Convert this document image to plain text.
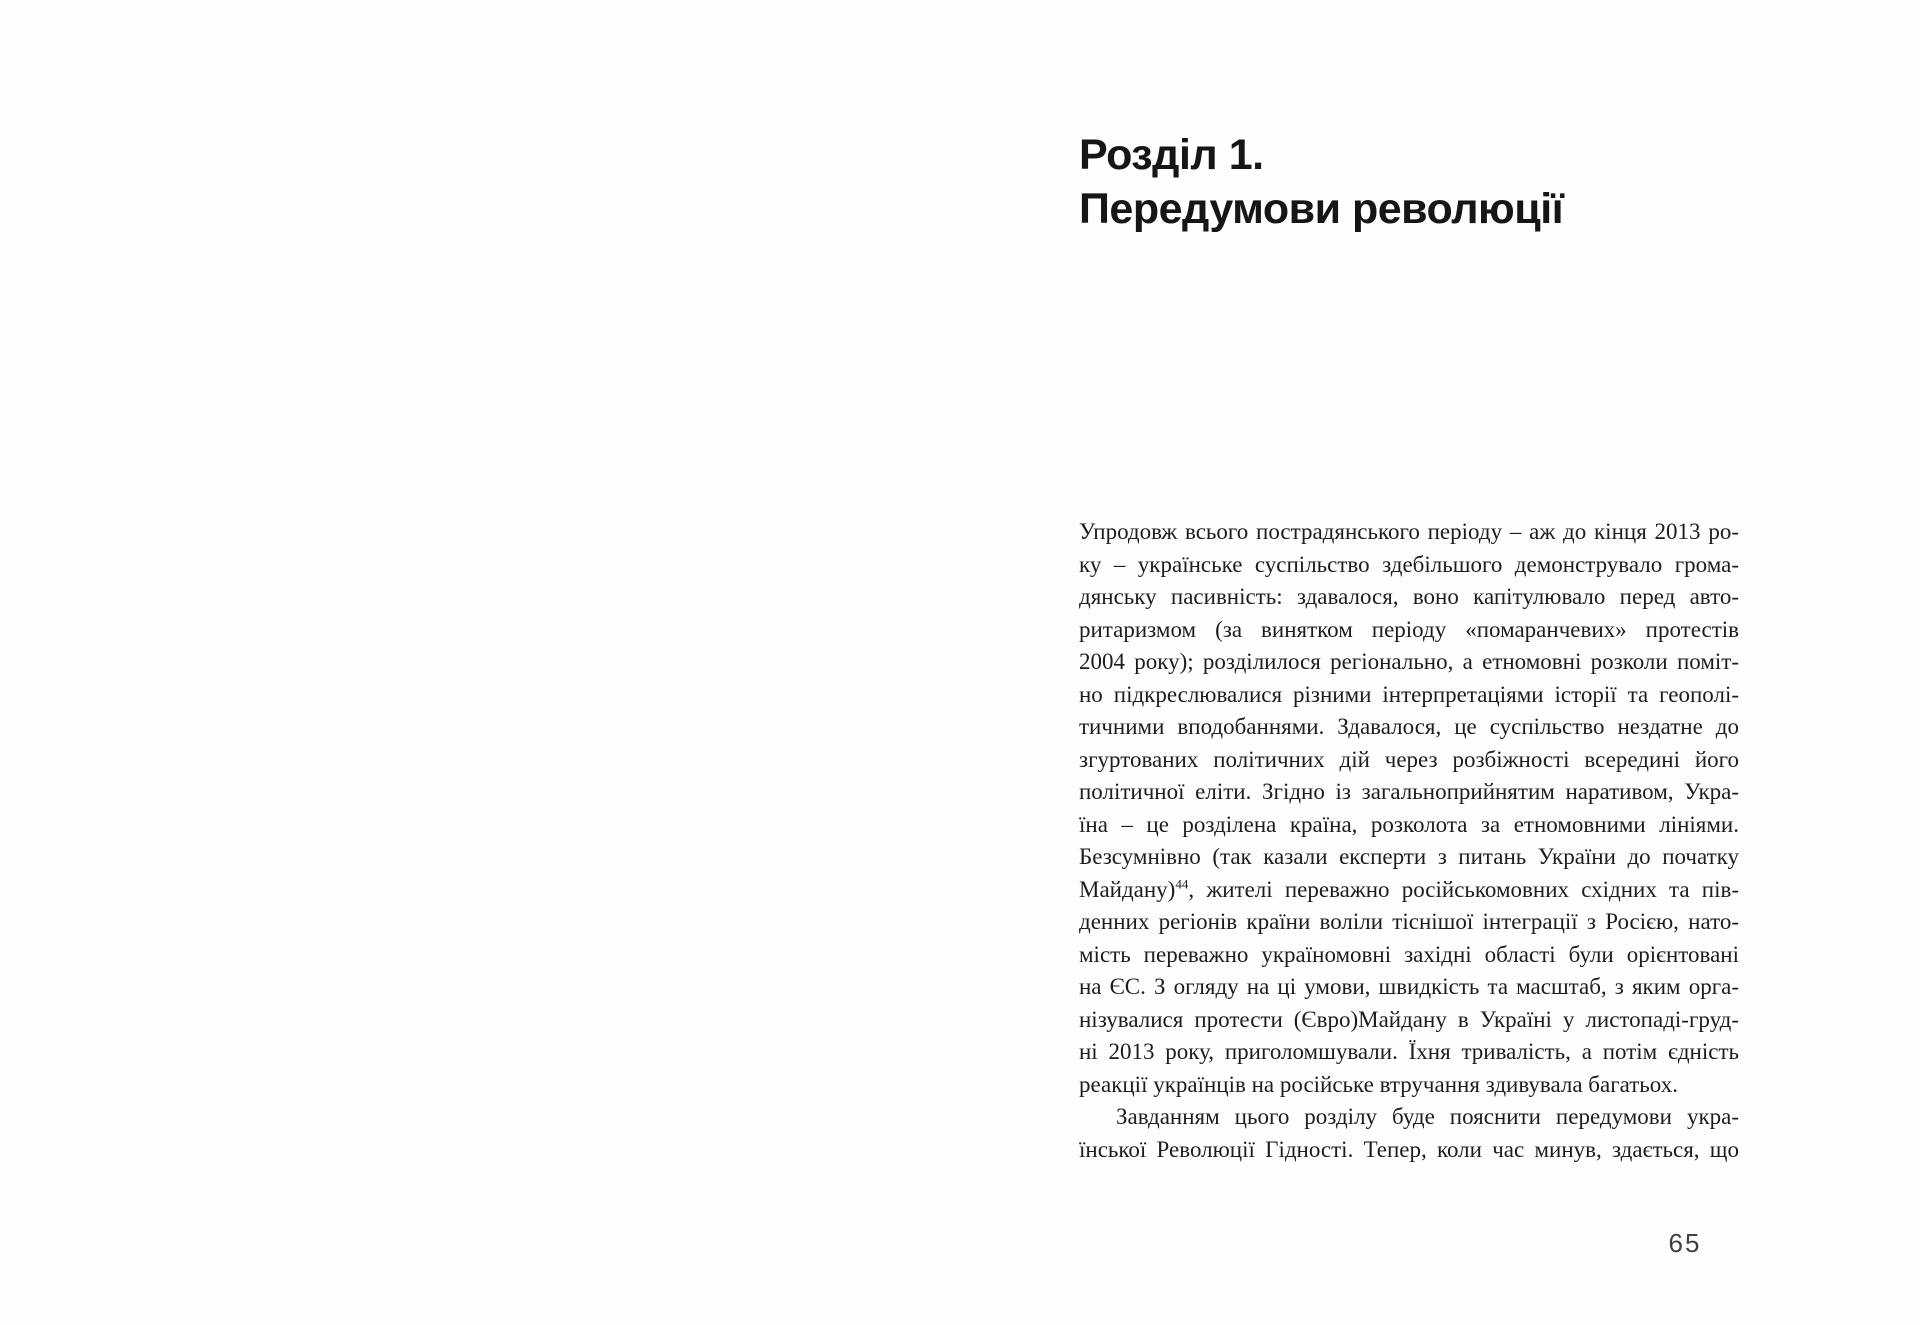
Розділ 1.
Передумови революції
Упродовж всього пострадянського періоду – аж до кінця 2013 ро-
ку – українське суспільство здебільшого демонструвало грома-
дянську пасивність: здавалося, воно капітулювало перед авто-
ритаризмом (за винятком періоду «помаранчевих» протестів
2004 року); розділилося регіонально, а етномовні розколи поміт-
но підкреслювалися різними інтерпретаціями історії та геополі-
тичними вподобаннями. Здавалося, це суспільство нездатне до
згуртованих політичних дій через розбіжності всередині його
політичної еліти. Згідно із загальноприйнятим наративом, Укра-
їна – це розділена країна, розколота за етномовними лініями.
Безсумнівно (так казали експерти з питань України до початку
Майдану)$^{44}$, жителі переважно російськомовних східних та пів-
денних регіонів країни воліли тіснішої інтеграції з Росією, нато-
мість переважно україномовні західні області були орієнтовані
на ЄС. З огляду на ці умови, швидкість та масштаб, з яким орга-
нізувалися протести (Євро)Майдану в Україні у листопаді-груд-
ні 2013 року, приголомшували. Їхня тривалість, а потім єдність
реакції українців на російське втручання здивувала багатьох.
Завданням цього розділу буде пояснити передумови укра-
їнської Революції Гідності. Тепер, коли час минув, здається, що
65
